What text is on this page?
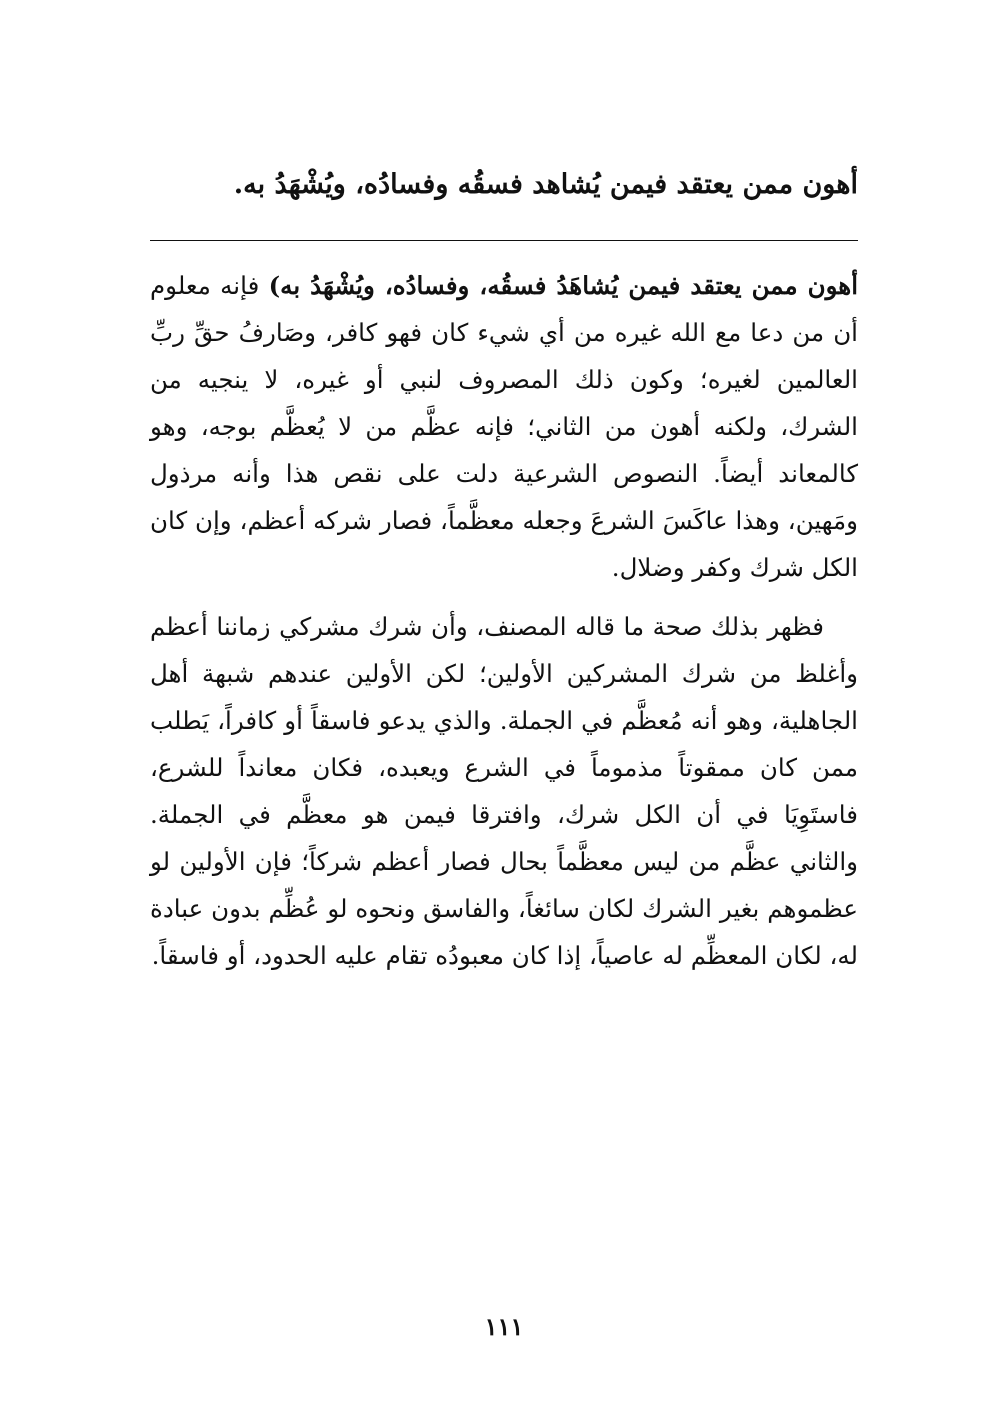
أهون ممن يعتقد فيمن يُشاهد فسقُه وفسادُه، ويُشْهَدُ به.

أهون ممن يعتقد فيمن يُشاهَدُ فسقُه، وفسادُه، ويُشْهَدُ به) فإنه معلوم أن من دعا مع الله غيره من أي شيء كان فهو كافر، وصَارفُ حقِّ ربِّ العالمين لغيره؛ وكون ذلك المصروف لنبي أو غيره، لا ينجيه من الشرك، ولكنه أهون من الثاني؛ فإنه عظَّم من لا يُعظَّم بوجه، وهو كالمعاند أيضاً. النصوص الشرعية دلت على نقص هذا وأنه مرذول ومَهين، وهذا عاكَسَ الشرعَ وجعله معظَّماً، فصار شركه أعظم، وإن كان الكل شرك وكفر وضلال.

فظهر بذلك صحة ما قاله المصنف، وأن شرك مشركي زماننا أعظم وأغلظ من شرك المشركين الأولين؛ لكن الأولين عندهم شبهة أهل الجاهلية، وهو أنه مُعظَّم في الجملة. والذي يدعو فاسقاً أو كافراً، يَطلب ممن كان ممقوتاً مذموماً في الشرع ويعبده، فكان معانداً للشرع، فاستَوِيَا في أن الكل شرك، وافترقا فيمن هو معظَّم في الجملة. والثاني عظَّم من ليس معظَّماً بحال فصار أعظم شركاً؛ فإن الأولين لو عظموهم بغير الشرك لكان سائغاً، والفاسق ونحوه لو عُظِّم بدون عبادة له، لكان المعظِّم له عاصياً، إذا كان معبودُه تقام عليه الحدود، أو فاسقاً.

١١١
